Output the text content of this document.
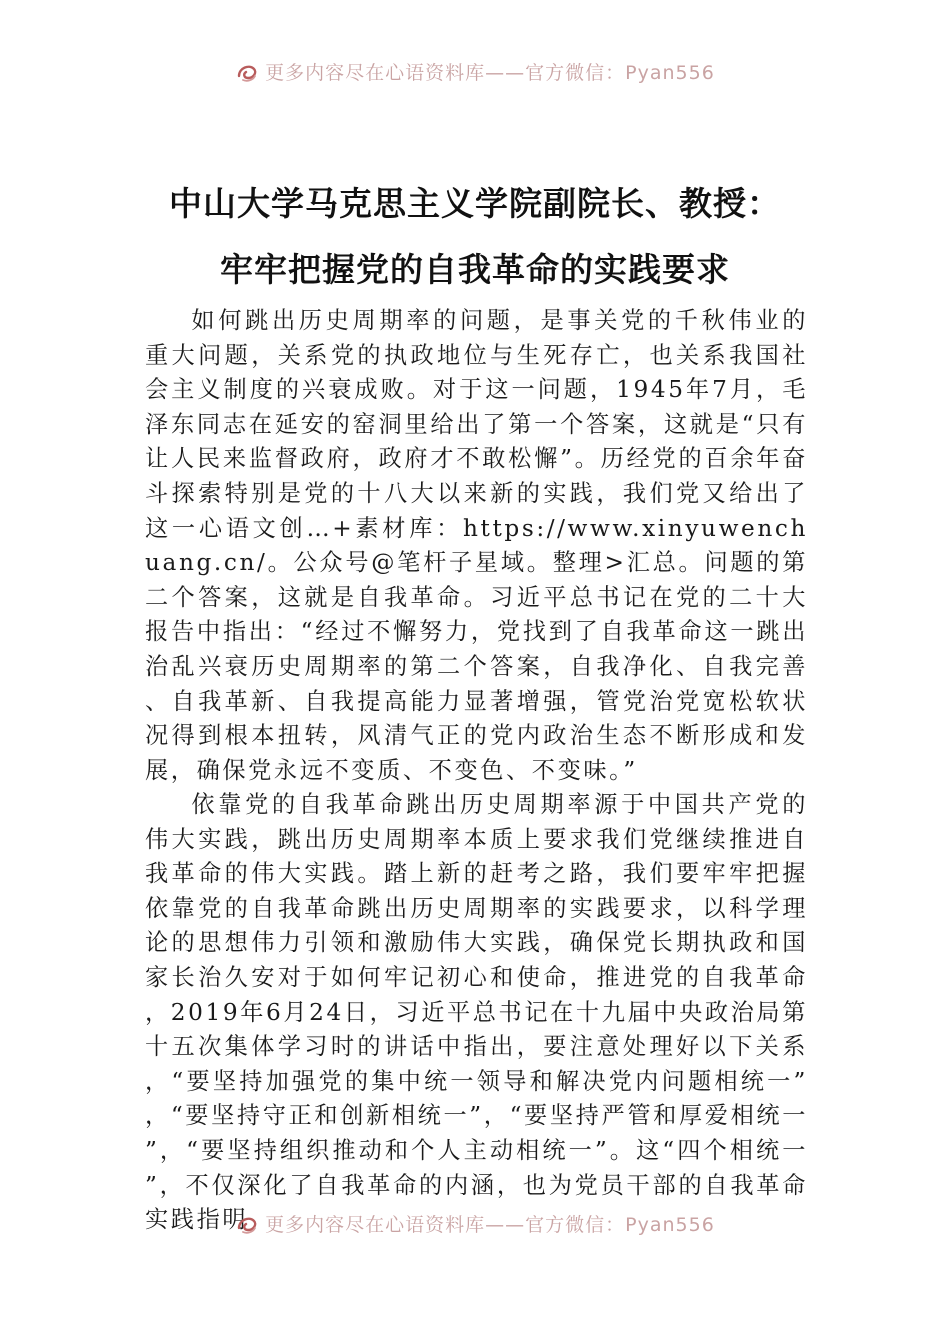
更多内容尽在心语资料库——官方微信：Pyan556
中山大学马克思主义学院副院长、教授：
牢牢把握党的自我革命的实践要求

如何跳出历史周期率的问题，是事关党的千秋伟业的重大问题，关系党的执政地位与生死存亡，也关系我国社会主义制度的兴衰成败。对于这一问题，1945年7月，毛泽东同志在延安的窑洞里给出了第一个答案，这就是“只有让人民来监督政府，政府才不敢松懈”。历经党的百余年奋斗探索特别是党的十八大以来新的实践，我们党又给出了这一心语文创…+素材库：https://www.xinyuwenchuang.cn/。公众号@笔杆子星域。整理>汇总。问题的第二个答案，这就是自我革命。习近平总书记在党的二十大报告中指出：“经过不懈努力，党找到了自我革命这一跳出治乱兴衰历史周期率的第二个答案，自我净化、自我完善、自我革新、自我提高能力显著增强，管党治党宽松软状况得到根本扭转，风清气正的党内政治生态不断形成和发展，确保党永远不变质、不变色、不变味。”

依靠党的自我革命跳出历史周期率源于中国共产党的伟大实践，跳出历史周期率本质上要求我们党继续推进自我革命的伟大实践。踏上新的赶考之路，我们要牢牢把握依靠党的自我革命跳出历史周期率的实践要求，以科学理论的思想伟力引领和激励伟大实践，确保党长期执政和国家长治久安对于如何牢记初心和使命，推进党的自我革命，2019年6月24日，习近平总书记在十九届中央政治局第十五次集体学习时的讲话中指出，要注意处理好以下关系，“要坚持加强党的集中统一领导和解决党内问题相统一”，“要坚持守正和创新相统一”，“要坚持严管和厚爱相统一”，“要坚持组织推动和个人主动相统一”。这“四个相统一”，不仅深化了自我革命的内涵，也为党员干部的自我革命实践指明 更多内容尽在心语资料库——官方微信：Pyan556
